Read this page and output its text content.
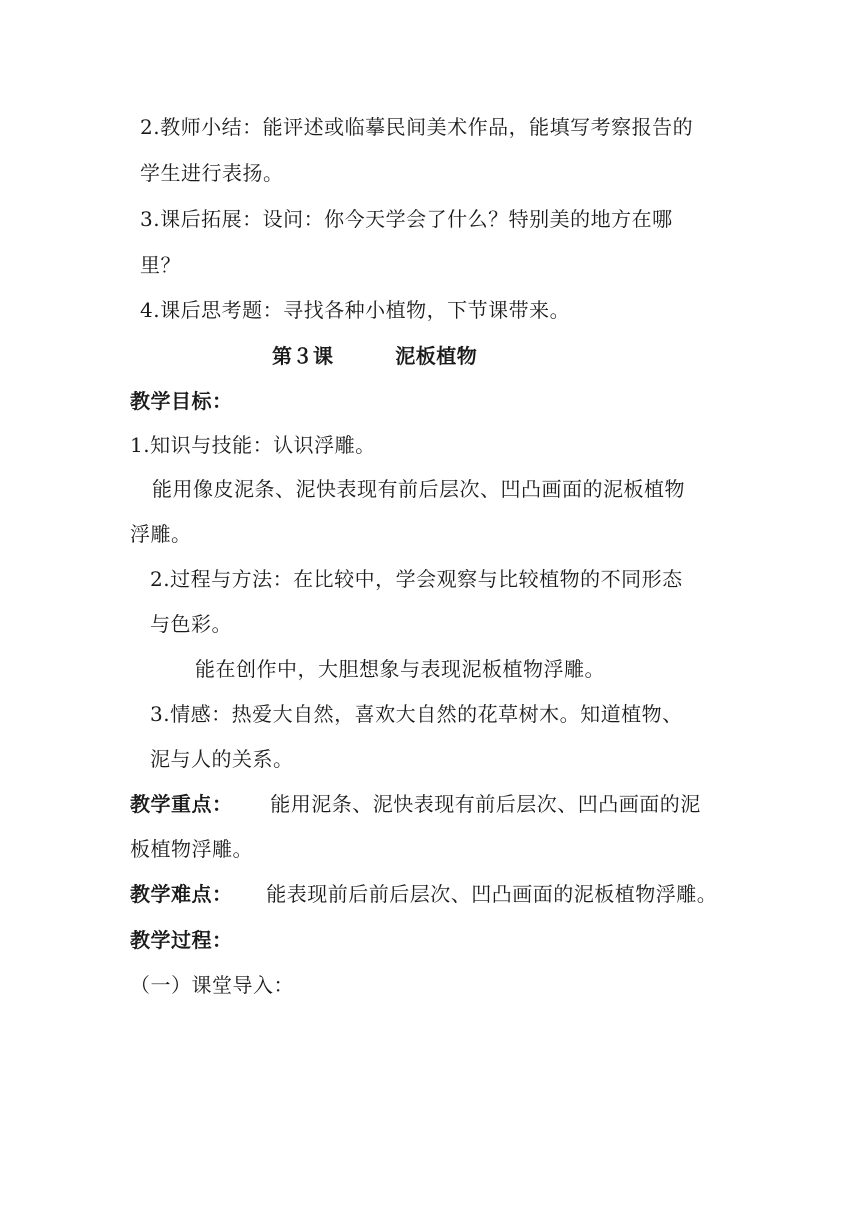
2.教师小结：能评述或临摹民间美术作品，能填写考察报告的
学生进行表扬。
3.课后拓展：设问：你今天学会了什么？特别美的地方在哪
里？
4.课后思考题：寻找各种小植物，下节课带来。
第３课	泥板植物
教学目标：
1.知识与技能：认识浮雕。
能用像皮泥条、泥快表现有前后层次、凹凸画面的泥板植物
浮雕。
2.过程与方法：在比较中，学会观察与比较植物的不同形态
与色彩。
能在创作中，大胆想象与表现泥板植物浮雕。
3.情感：热爱大自然，喜欢大自然的花草树木。知道植物、
泥与人的关系。
教学重点： 能用泥条、泥快表现有前后层次、凹凸画面的泥
板植物浮雕。
教学难点： 能表现前后前后层次、凹凸画面的泥板植物浮雕。
教学过程：
（一）课堂导入：
